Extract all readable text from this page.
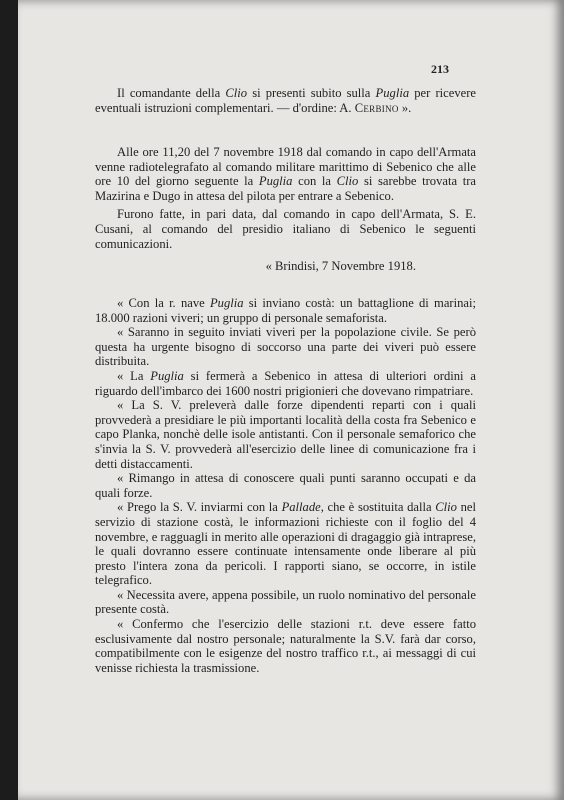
213

Il comandante della Clio si presenti subito sulla Puglia per ricevere eventuali istruzioni complementari. — d'ordine: A. Cerbino ».

Alle ore 11,20 del 7 novembre 1918 dal comando in capo dell'Armata venne radiotelegrafato al comando militare marittimo di Sebenico che alle ore 10 del giorno seguente la Puglia con la Clio si sarebbe trovata tra Mazirina e Dugo in attesa del pilota per entrare a Sebenico.

Furono fatte, in pari data, dal comando in capo dell'Armata, S. E. Cusani, al comando del presidio italiano di Sebenico le seguenti comunicazioni.

« Brindisi, 7 Novembre 1918.

« Con la r. nave Puglia si inviano costà: un battaglione di marinai; 18.000 razioni viveri; un gruppo di personale semaforista.

« Saranno in seguito inviati viveri per la popolazione civile. Se però questa ha urgente bisogno di soccorso una parte dei viveri può essere distribuita.

« La Puglia si fermerà a Sebenico in attesa di ulteriori ordini a riguardo dell'imbarco dei 1600 nostri prigionieri che dovevano rimpatriare.

« La S. V. preleverà dalle forze dipendenti reparti con i quali provvederà a presidiare le più importanti località della costa fra Sebenico e capo Planka, nonchè delle isole antistanti. Con il personale semaforico che s'invia la S. V. provvederà all'esercizio delle linee di comunicazione fra i detti distaccamenti.

« Rimango in attesa di conoscere quali punti saranno occupati e da quali forze.

« Prego la S. V. inviarmi con la Pallade, che è sostituita dalla Clio nel servizio di stazione costà, le informazioni richieste con il foglio del 4 novembre, e ragguagli in merito alle operazioni di dragaggio già intraprese, le quali dovranno essere continuate intensamente onde liberare al più presto l'intera zona da pericoli. I rapporti siano, se occorre, in istile telegrafico.

« Necessita avere, appena possibile, un ruolo nominativo del personale presente costà.

« Confermo che l'esercizio delle stazioni r.t. deve essere fatto esclusivamente dal nostro personale; naturalmente la S.V. farà dar corso, compatibilmente con le esigenze del nostro traffico r.t., ai messaggi di cui venisse richiesta la trasmissione.
